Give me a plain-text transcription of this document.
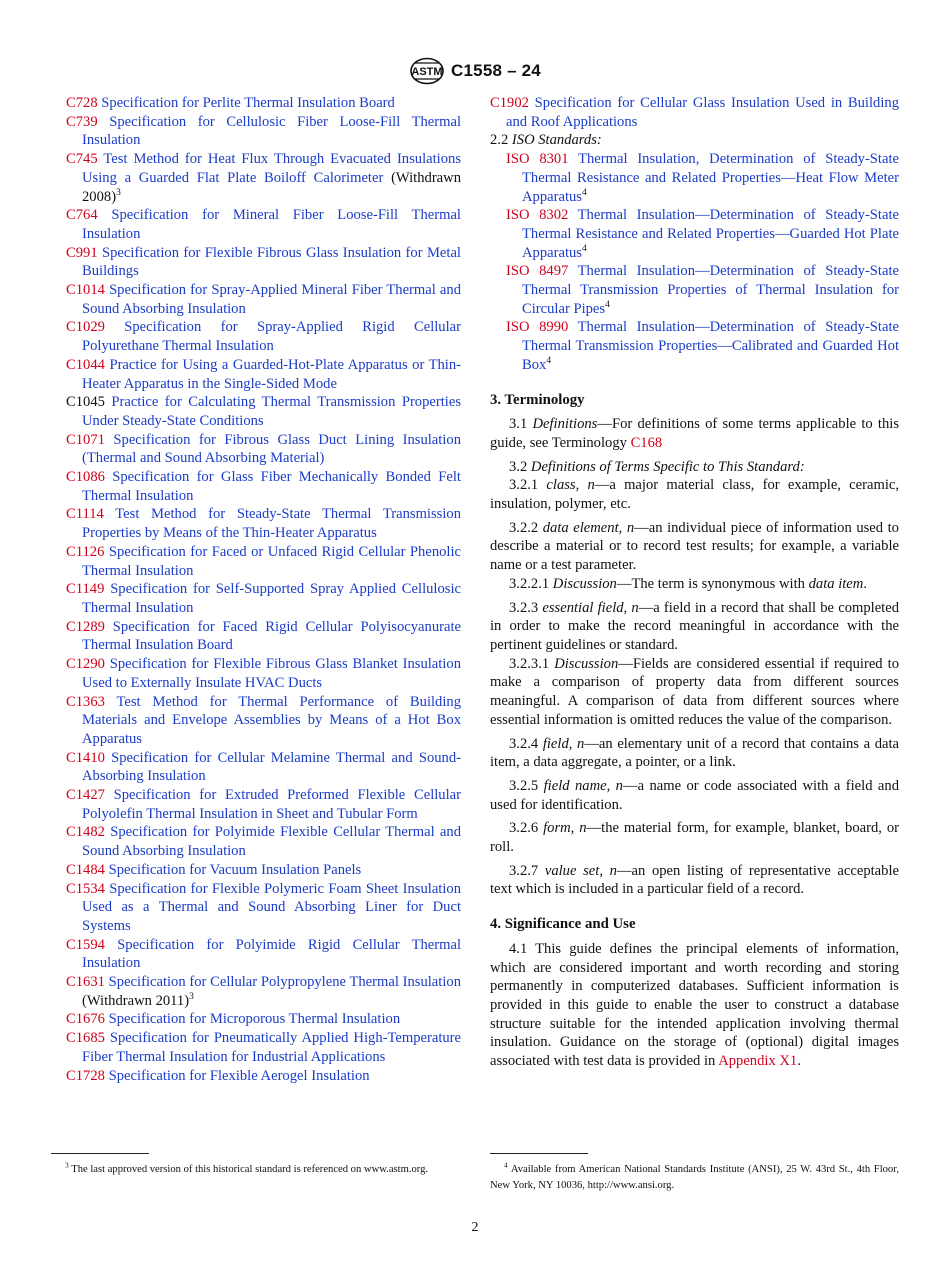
ASTM C1558 – 24

C728 Specification for Perlite Thermal Insulation Board

C739 Specification for Cellulosic Fiber Loose-Fill Thermal Insulation

C745 Test Method for Heat Flux Through Evacuated Insulations Using a Guarded Flat Plate Boiloff Calorimeter (Withdrawn 2008)$^3$

C764 Specification for Mineral Fiber Loose-Fill Thermal Insulation

C991 Specification for Flexible Fibrous Glass Insulation for Metal Buildings

C1014 Specification for Spray-Applied Mineral Fiber Thermal and Sound Absorbing Insulation

C1029 Specification for Spray-Applied Rigid Cellular Polyurethane Thermal Insulation

C1044 Practice for Using a Guarded-Hot-Plate Apparatus or Thin-Heater Apparatus in the Single-Sided Mode

C1045 Practice for Calculating Thermal Transmission Properties Under Steady-State Conditions

C1071 Specification for Fibrous Glass Duct Lining Insulation (Thermal and Sound Absorbing Material)

C1086 Specification for Glass Fiber Mechanically Bonded Felt Thermal Insulation

C1114 Test Method for Steady-State Thermal Transmission Properties by Means of the Thin-Heater Apparatus

C1126 Specification for Faced or Unfaced Rigid Cellular Phenolic Thermal Insulation

C1149 Specification for Self-Supported Spray Applied Cellulosic Thermal Insulation

C1289 Specification for Faced Rigid Cellular Polyisocyanurate Thermal Insulation Board

C1290 Specification for Flexible Fibrous Glass Blanket Insulation Used to Externally Insulate HVAC Ducts

C1363 Test Method for Thermal Performance of Building Materials and Envelope Assemblies by Means of a Hot Box Apparatus

C1410 Specification for Cellular Melamine Thermal and Sound-Absorbing Insulation

C1427 Specification for Extruded Preformed Flexible Cellular Polyolefin Thermal Insulation in Sheet and Tubular Form

C1482 Specification for Polyimide Flexible Cellular Thermal and Sound Absorbing Insulation

C1484 Specification for Vacuum Insulation Panels

C1534 Specification for Flexible Polymeric Foam Sheet Insulation Used as a Thermal and Sound Absorbing Liner for Duct Systems

C1594 Specification for Polyimide Rigid Cellular Thermal Insulation

C1631 Specification for Cellular Polypropylene Thermal Insulation (Withdrawn 2011)$^3$

C1676 Specification for Microporous Thermal Insulation

C1685 Specification for Pneumatically Applied High-Temperature Fiber Thermal Insulation for Industrial Applications

C1728 Specification for Flexible Aerogel Insulation

C1902 Specification for Cellular Glass Insulation Used in Building and Roof Applications

2.2 ISO Standards:

ISO 8301 Thermal Insulation, Determination of Steady-State Thermal Resistance and Related Properties—Heat Flow Meter Apparatus$^4$

ISO 8302 Thermal Insulation—Determination of Steady-State Thermal Resistance and Related Properties—Guarded Hot Plate Apparatus$^4$

ISO 8497 Thermal Insulation—Determination of Steady-State Thermal Transmission Properties of Thermal Insulation for Circular Pipes$^4$

ISO 8990 Thermal Insulation—Determination of Steady-State Thermal Transmission Properties—Calibrated and Guarded Hot Box$^4$

3. Terminology

3.1 Definitions—For definitions of some terms applicable to this guide, see Terminology C168

3.2 Definitions of Terms Specific to This Standard:

3.2.1 class, n—a major material class, for example, ceramic, insulation, polymer, etc.

3.2.2 data element, n—an individual piece of information used to describe a material or to record test results; for example, a variable name or a test parameter.

3.2.2.1 Discussion—The term is synonymous with data item.

3.2.3 essential field, n—a field in a record that shall be completed in order to make the record meaningful in accordance with the pertinent guidelines or standard.

3.2.3.1 Discussion—Fields are considered essential if required to make a comparison of property data from different sources meaningful. A comparison of data from different sources where essential information is omitted reduces the value of the comparison.

3.2.4 field, n—an elementary unit of a record that contains a data item, a data aggregate, a pointer, or a link.

3.2.5 field name, n—a name or code associated with a field and used for identification.

3.2.6 form, n—the material form, for example, blanket, board, or roll.

3.2.7 value set, n—an open listing of representative acceptable text which is included in a particular field of a record.

4. Significance and Use

4.1 This guide defines the principal elements of information, which are considered important and worth recording and storing permanently in computerized databases. Sufficient information is provided in this guide to enable the user to construct a database structure suitable for the intended application involving thermal insulation. Guidance on the storage of (optional) digital images associated with test data is provided in Appendix X1.

$^3$ The last approved version of this historical standard is referenced on www.astm.org.	$^4$ Available from American National Standards Institute (ANSI), 25 W. 43rd St., 4th Floor, New York, NY 10036, http://www.ansi.org.
2
